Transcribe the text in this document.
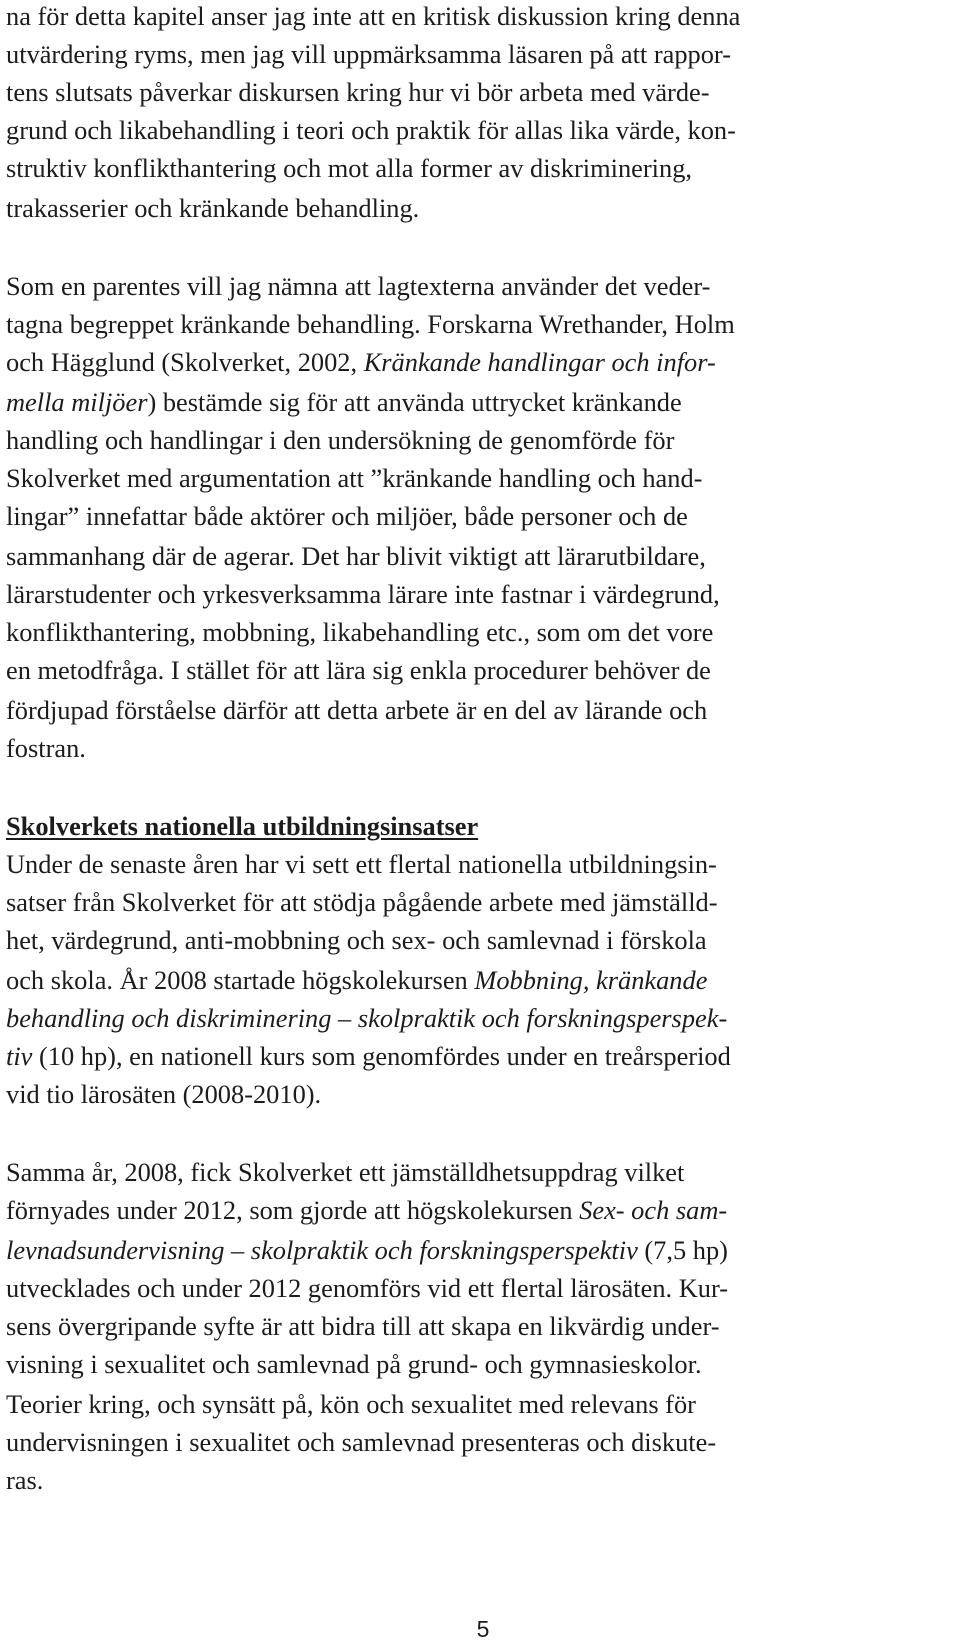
na för detta kapitel anser jag inte att en kritisk diskussion kring denna
utvärdering ryms, men jag vill uppmärksamma läsaren på att rappor-
tens slutsats påverkar diskursen kring hur vi bör arbeta med värde-
grund och likabehandling i teori och praktik för allas lika värde, kon-
struktiv konflikthantering och mot alla former av diskriminering,
trakasserier och kränkande behandling.
Som en parentes vill jag nämna att lagtexterna använder det veder-
tagna begreppet kränkande behandling. Forskarna Wrethander, Holm
och Hägglund (Skolverket, 2002, Kränkande handlingar och infor-
mella miljöer) bestämde sig för att använda uttrycket kränkande
handling och handlingar i den undersökning de genomförde för
Skolverket med argumentation att ”kränkande handling och hand-
lingar” innefattar både aktörer och miljöer, både personer och de
sammanhang där de agerar. Det har blivit viktigt att lärarutbildare,
lärarstudenter och yrkesverksamma lärare inte fastnar i värdegrund,
konflikthantering, mobbning, likabehandling etc., som om det vore
en metodfråga. I stället för att lära sig enkla procedurer behöver de
fördjupad förståelse därför att detta arbete är en del av lärande och
fostran.
Skolverkets nationella utbildningsinsatser
Under de senaste åren har vi sett ett flertal nationella utbildningsin-
satser från Skolverket för att stödja pågående arbete med jämställd-
het, värdegrund, anti-mobbning och sex- och samlevnad i förskola
och skola. År 2008 startade högskolekursen Mobbning, kränkande
behandling och diskriminering – skolpraktik och forskningsperspek-
tiv (10 hp), en nationell kurs som genomfördes under en treårsperiod
vid tio lärosäten (2008-2010).
Samma år, 2008, fick Skolverket ett jämställdhetsuppdrag vilket
förnyades under 2012, som gjorde att högskolekursen Sex- och sam-
levnadsundervisning – skolpraktik och forskningsperspektiv (7,5 hp)
utvecklades och under 2012 genomförs vid ett flertal lärosäten. Kur-
sens övergripande syfte är att bidra till att skapa en likvärdig under-
visning i sexualitet och samlevnad på grund- och gymnasieskolor.
Teorier kring, och synsätt på, kön och sexualitet med relevans för
undervisningen i sexualitet och samlevnad presenteras och diskute-
ras.
5
